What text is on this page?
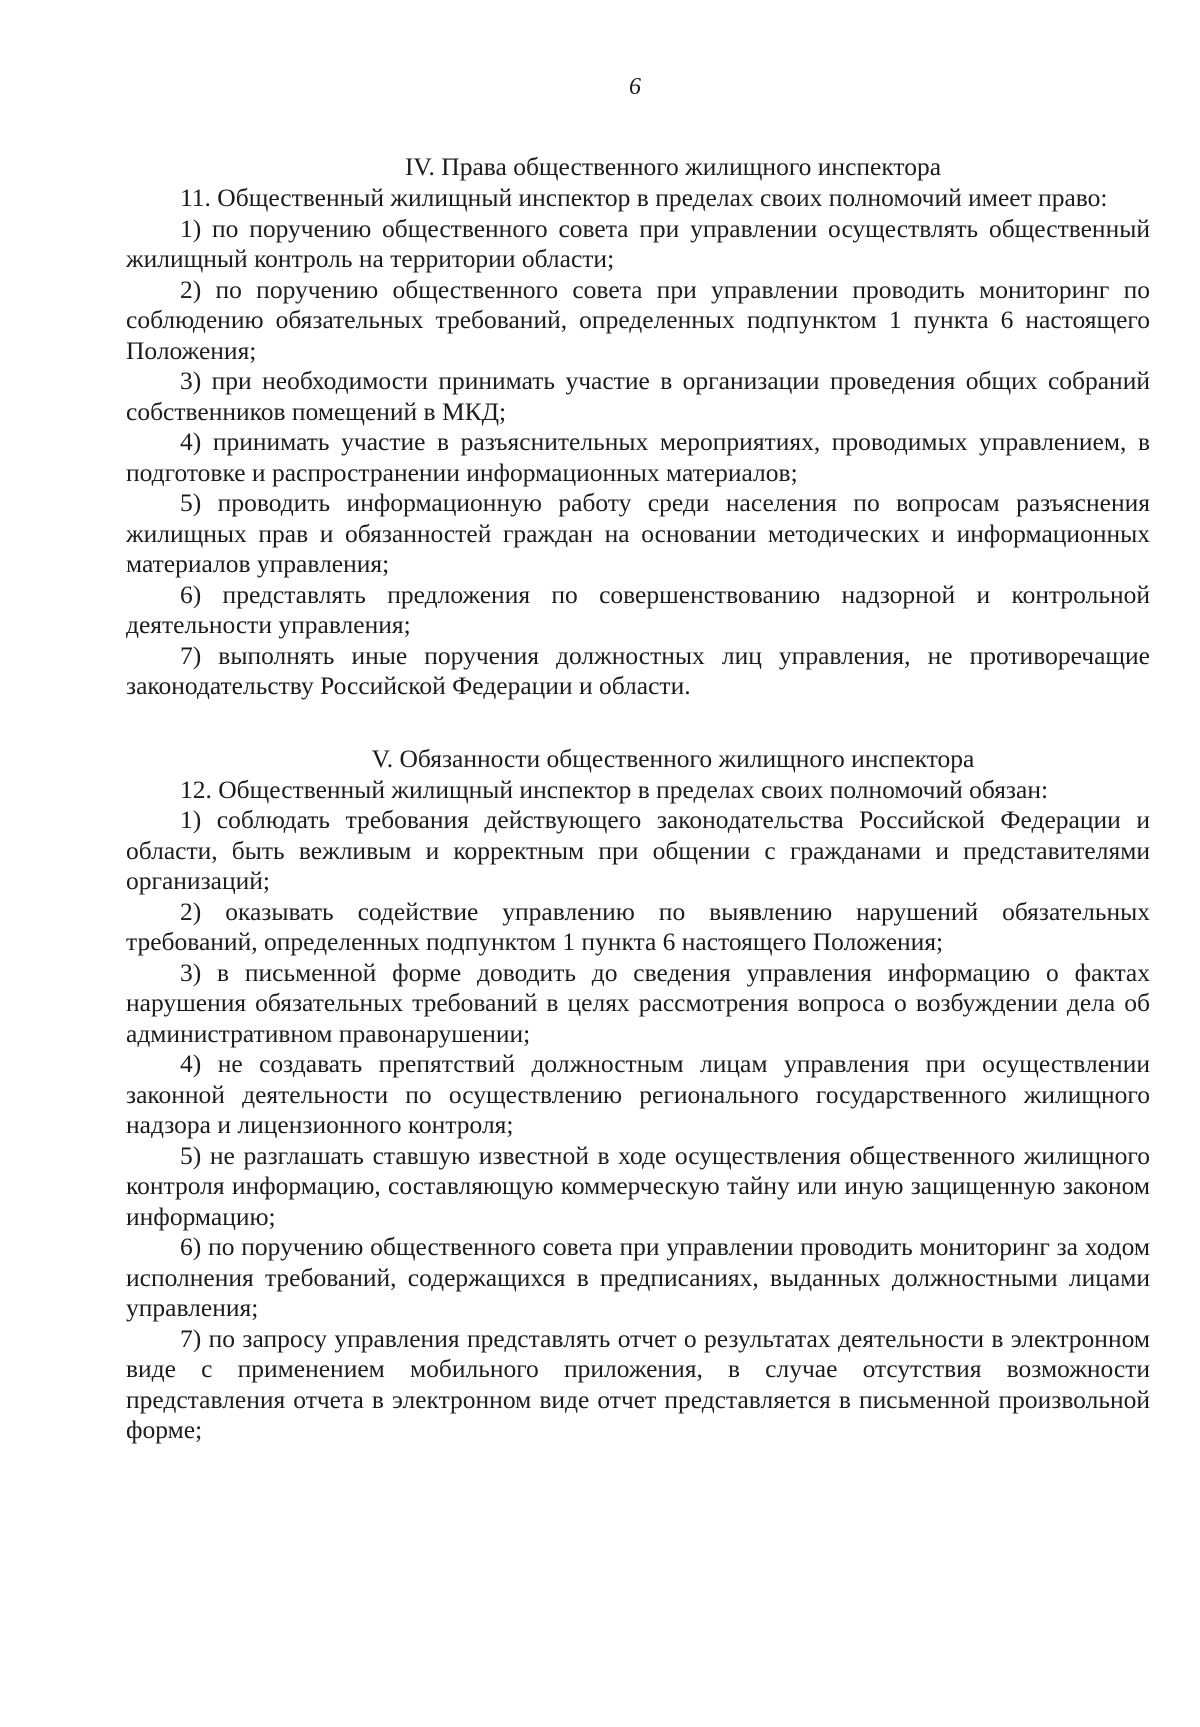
6
IV. Права общественного жилищного инспектора

11. Общественный жилищный инспектор в пределах своих полномочий имеет право:

1) по поручению общественного совета при управлении осуществлять общественный жилищный контроль на территории области;

2) по поручению общественного совета при управлении проводить мониторинг по соблюдению обязательных требований, определенных подпунктом 1 пункта 6 настоящего Положения;

3) при необходимости принимать участие в организации проведения общих собраний собственников помещений в МКД;

4) принимать участие в разъяснительных мероприятиях, проводимых управлением, в подготовке и распространении информационных материалов;

5) проводить информационную работу среди населения по вопросам разъяснения жилищных прав и обязанностей граждан на основании методических и информационных материалов управления;

6) представлять предложения по совершенствованию надзорной и контрольной деятельности управления;

7) выполнять иные поручения должностных лиц управления, не противоречащие законодательству Российской Федерации и области.

V. Обязанности общественного жилищного инспектора

12. Общественный жилищный инспектор в пределах своих полномочий обязан:

1) соблюдать требования действующего законодательства Российской Федерации и области, быть вежливым и корректным при общении с гражданами и представителями организаций;

2) оказывать содействие управлению по выявлению нарушений обязательных требований, определенных подпунктом 1 пункта 6 настоящего Положения;

3) в письменной форме доводить до сведения управления информацию о фактах нарушения обязательных требований в целях рассмотрения вопроса о возбуждении дела об административном правонарушении;

4) не создавать препятствий должностным лицам управления при осуществлении законной деятельности по осуществлению регионального государственного жилищного надзора и лицензионного контроля;

5) не разглашать ставшую известной в ходе осуществления общественного жилищного контроля информацию, составляющую коммерческую тайну или иную защищенную законом информацию;

6) по поручению общественного совета при управлении проводить мониторинг за ходом исполнения требований, содержащихся в предписаниях, выданных должностными лицами управления;

7) по запросу управления представлять отчет о результатах деятельности в электронном виде с применением мобильного приложения, в случае отсутствия возможности представления отчета в электронном виде отчет представляется в письменной произвольной форме;
